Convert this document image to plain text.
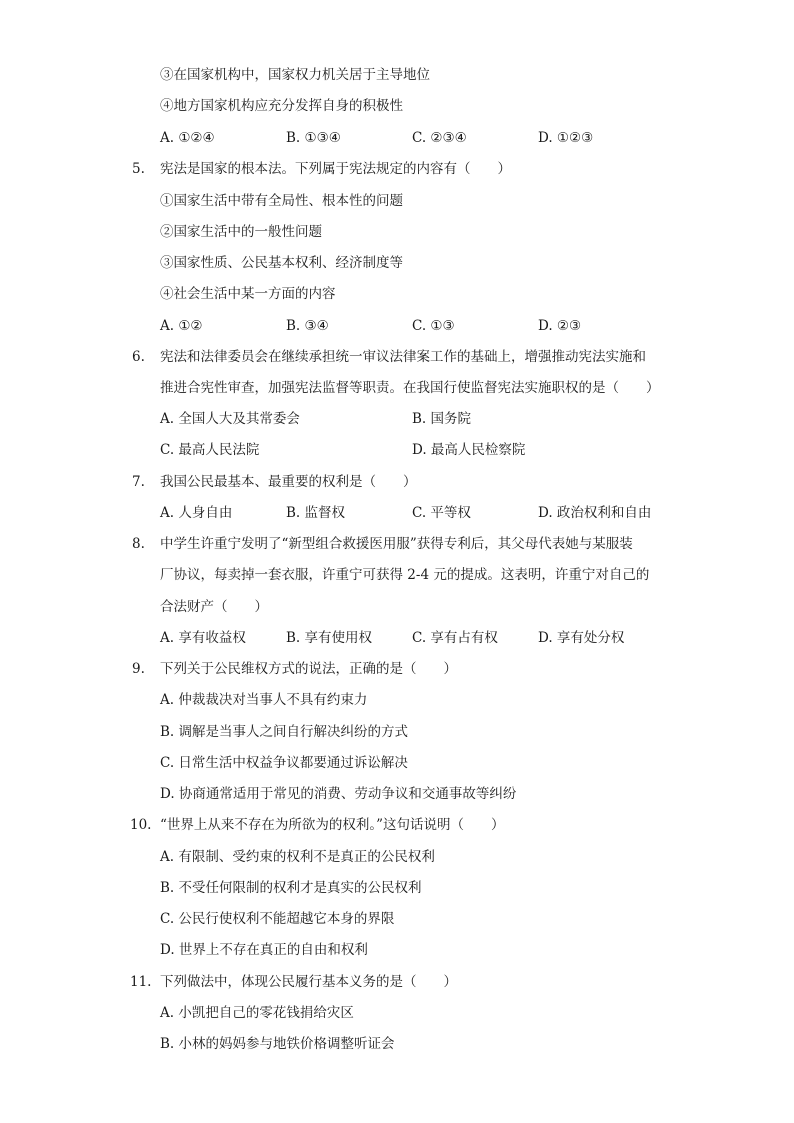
③在国家机构中，国家权力机关居于主导地位
④地方国家机构应充分发挥自身的积极性
A. ①②④	B. ①③④	C. ②③④	D. ①②③
5.	宪法是国家的根本法。下列属于宪法规定的内容有（　　）
①国家生活中带有全局性、根本性的问题
②国家生活中的一般性问题
③国家性质、公民基本权利、经济制度等
④社会生活中某一方面的内容
A. ①②	B. ③④	C. ①③	D. ②③
6.	宪法和法律委员会在继续承担统一审议法律案工作的基础上，增强推动宪法实施和
推进合宪性审查，加强宪法监督等职责。在我国行使监督宪法实施职权的是（　　）
A. 全国人大及其常委会	B. 国务院
C. 最高人民法院	D. 最高人民检察院
7.	我国公民最基本、最重要的权利是（　　）
A. 人身自由	B. 监督权	C. 平等权	D. 政治权利和自由
8.	中学生许重宁发明了“新型组合救援医用服”获得专利后，其父母代表她与某服装
厂协议，每卖掉一套衣服，许重宁可获得 2-4 元的提成。这表明，许重宁对自己的
合法财产（　　）
A. 享有收益权	B. 享有使用权	C. 享有占有权	D. 享有处分权
9.	下列关于公民维权方式的说法，正确的是（　　）
A. 仲裁裁决对当事人不具有约束力
B. 调解是当事人之间自行解决纠纷的方式
C. 日常生活中权益争议都要通过诉讼解决
D. 协商通常适用于常见的消费、劳动争议和交通事故等纠纷
10. “世界上从来不存在为所欲为的权利。”这句话说明（　　）
A. 有限制、受约束的权利不是真正的公民权利
B. 不受任何限制的权利才是真实的公民权利
C. 公民行使权利不能超越它本身的界限
D. 世界上不存在真正的自由和权利
11. 下列做法中，体现公民履行基本义务的是（　　）
A. 小凯把自己的零花钱捐给灾区
B. 小林的妈妈参与地铁价格调整听证会
